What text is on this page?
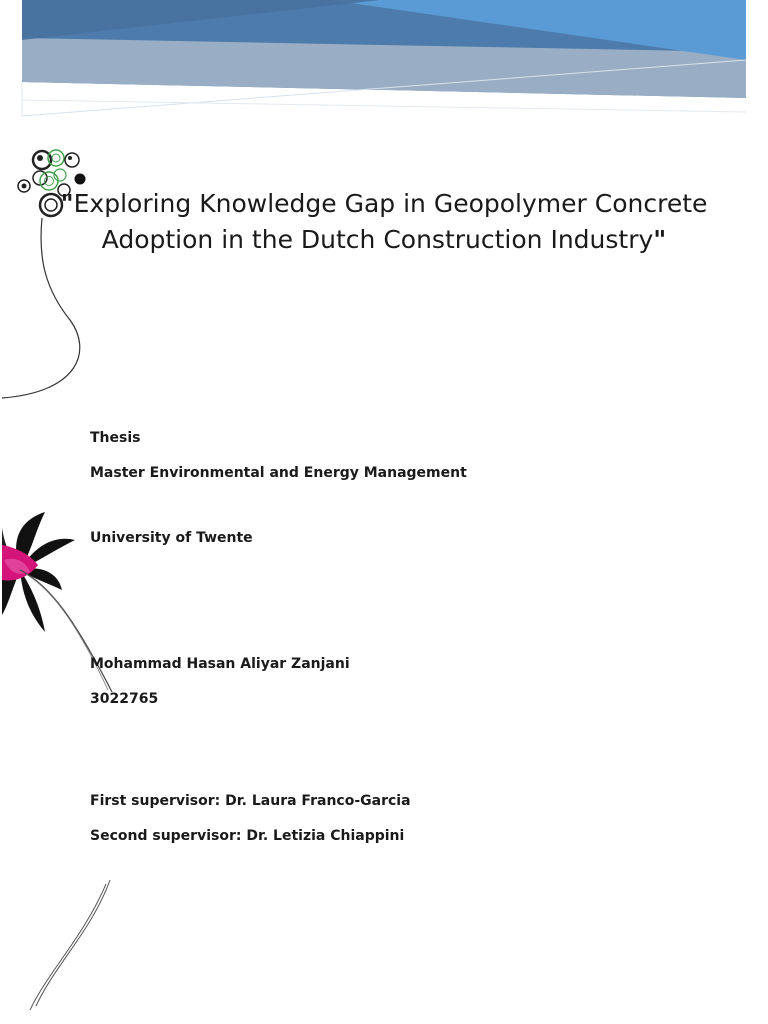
"Exploring Knowledge Gap in Geopolymer Concrete
Adoption in the Dutch Construction Industry"
Thesis
Master Environmental and Energy Management
University of Twente
Mohammad Hasan Aliyar Zanjani
3022765
First supervisor: Dr. Laura Franco-Garcia
Second supervisor: Dr. Letizia Chiappini
